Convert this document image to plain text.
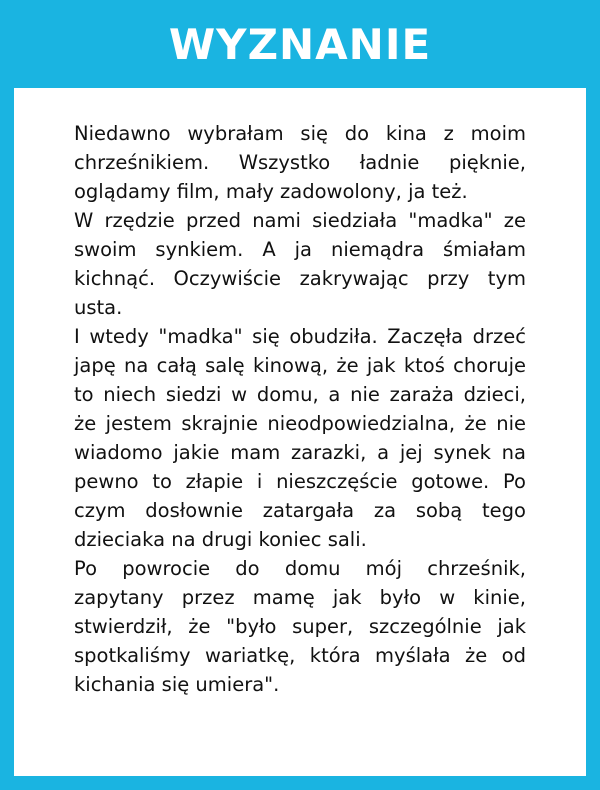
WYZNANIE

Niedawno wybrałam się do kina z moim chrześnikiem. Wszystko ładnie pięknie, oglądamy film, mały zadowolony, ja też.

W rzędzie przed nami siedziała "madka" ze swoim synkiem. A ja niemądra śmiałam kichnąć. Oczywiście zakrywając przy tym usta.

I wtedy "madka" się obudziła. Zaczęła drzeć japę na całą salę kinową, że jak ktoś choruje to niech siedzi w domu, a nie zaraża dzieci, że jestem skrajnie nieodpowiedzialna, że nie wiadomo jakie mam zarazki, a jej synek na pewno to złapie i nieszczęście gotowe. Po czym dosłownie zatargała za sobą tego dzieciaka na drugi koniec sali.

Po powrocie do domu mój chrześnik, zapytany przez mamę jak było w kinie, stwierdził, że "było super, szczególnie jak spotkaliśmy wariatkę, która myślała że od kichania się umiera".
